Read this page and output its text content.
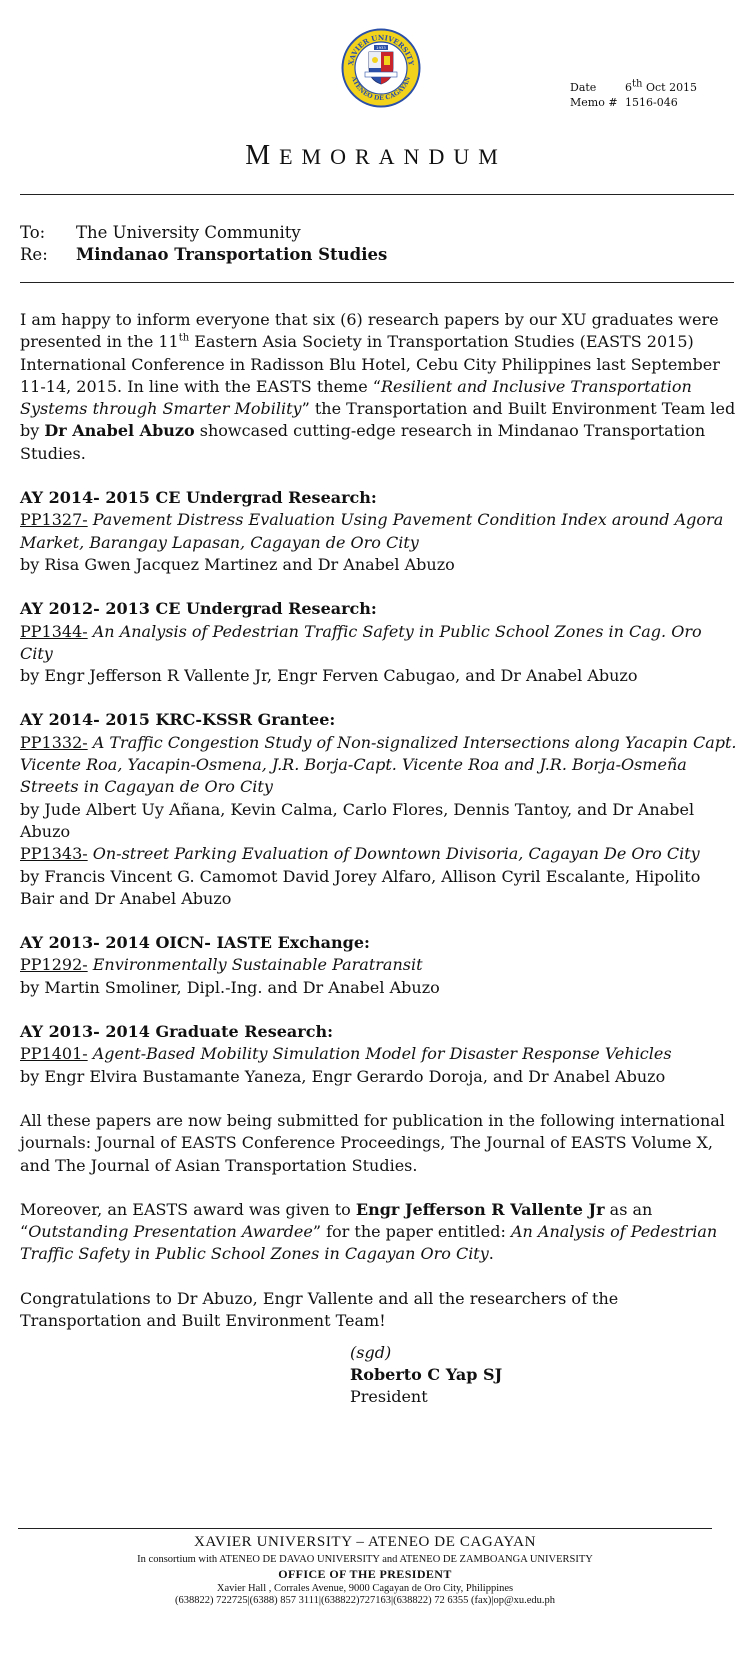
XAVIER UNIVERSITY
ATENEO DE CAGAYAN
1933
Date	6th Oct 2015
Memo # 1516-046
MEMORANDUM
To:	The University Community
Re:	Mindanao Transportation Studies

I am happy to inform everyone that six (6) research papers by our XU graduates were presented in the 11th Eastern Asia Society in Transportation Studies (EASTS 2015) International Conference in Radisson Blu Hotel, Cebu City Philippines last September 11-14, 2015. In line with the EASTS theme “Resilient and Inclusive Transportation Systems through Smarter Mobility” the Transportation and Built Environment Team led by Dr Anabel Abuzo showcased cutting-edge research in Mindanao Transportation Studies.

AY 2014- 2015 CE Undergrad Research:
PP1327- Pavement Distress Evaluation Using Pavement Condition Index around Agora Market, Barangay Lapasan, Cagayan de Oro City
by Risa Gwen Jacquez Martinez and Dr Anabel Abuzo
AY 2012- 2013 CE Undergrad Research:
PP1344- An Analysis of Pedestrian Traffic Safety in Public School Zones in Cag. Oro City
by Engr Jefferson R Vallente Jr, Engr Ferven Cabugao, and Dr Anabel Abuzo
AY 2014- 2015 KRC-KSSR Grantee:
PP1332- A Traffic Congestion Study of Non-signalized Intersections along Yacapin Capt. Vicente Roa, Yacapin-Osmena, J.R. Borja-Capt. Vicente Roa and J.R. Borja-Osmeña Streets in Cagayan de Oro City
by Jude Albert Uy Añana, Kevin Calma, Carlo Flores, Dennis Tantoy, and Dr Anabel Abuzo
PP1343- On-street Parking Evaluation of Downtown Divisoria, Cagayan De Oro City
by Francis Vincent G. Camomot David Jorey Alfaro, Allison Cyril Escalante, Hipolito Bair and Dr Anabel Abuzo
AY 2013- 2014 OICN- IASTE Exchange:
PP1292- Environmentally Sustainable Paratransit
by Martin Smoliner, Dipl.-Ing. and Dr Anabel Abuzo
AY 2013- 2014 Graduate Research:
PP1401- Agent-Based Mobility Simulation Model for Disaster Response Vehicles
by Engr Elvira Bustamante Yaneza, Engr Gerardo Doroja, and Dr Anabel Abuzo

All these papers are now being submitted for publication in the following international journals: Journal of EASTS Conference Proceedings, The Journal of EASTS Volume X, and The Journal of Asian Transportation Studies.

Moreover, an EASTS award was given to Engr Jefferson R Vallente Jr as an “Outstanding Presentation Awardee” for the paper entitled: An Analysis of Pedestrian Traffic Safety in Public School Zones in Cagayan Oro City.

Congratulations to Dr Abuzo, Engr Vallente and all the researchers of the Transportation and Built Environment Team!

(sgd)
Roberto C Yap SJ
President
XAVIER UNIVERSITY – ATENEO DE CAGAYAN
In consortium with ATENEO DE DAVAO UNIVERSITY and ATENEO DE ZAMBOANGA UNIVERSITY
OFFICE OF THE PRESIDENT
Xavier Hall , Corrales Avenue, 9000 Cagayan de Oro City, Philippines
(638822) 722725|(6388) 857 3111|(638822)727163|(638822) 72 6355 (fax)|op@xu.edu.ph
